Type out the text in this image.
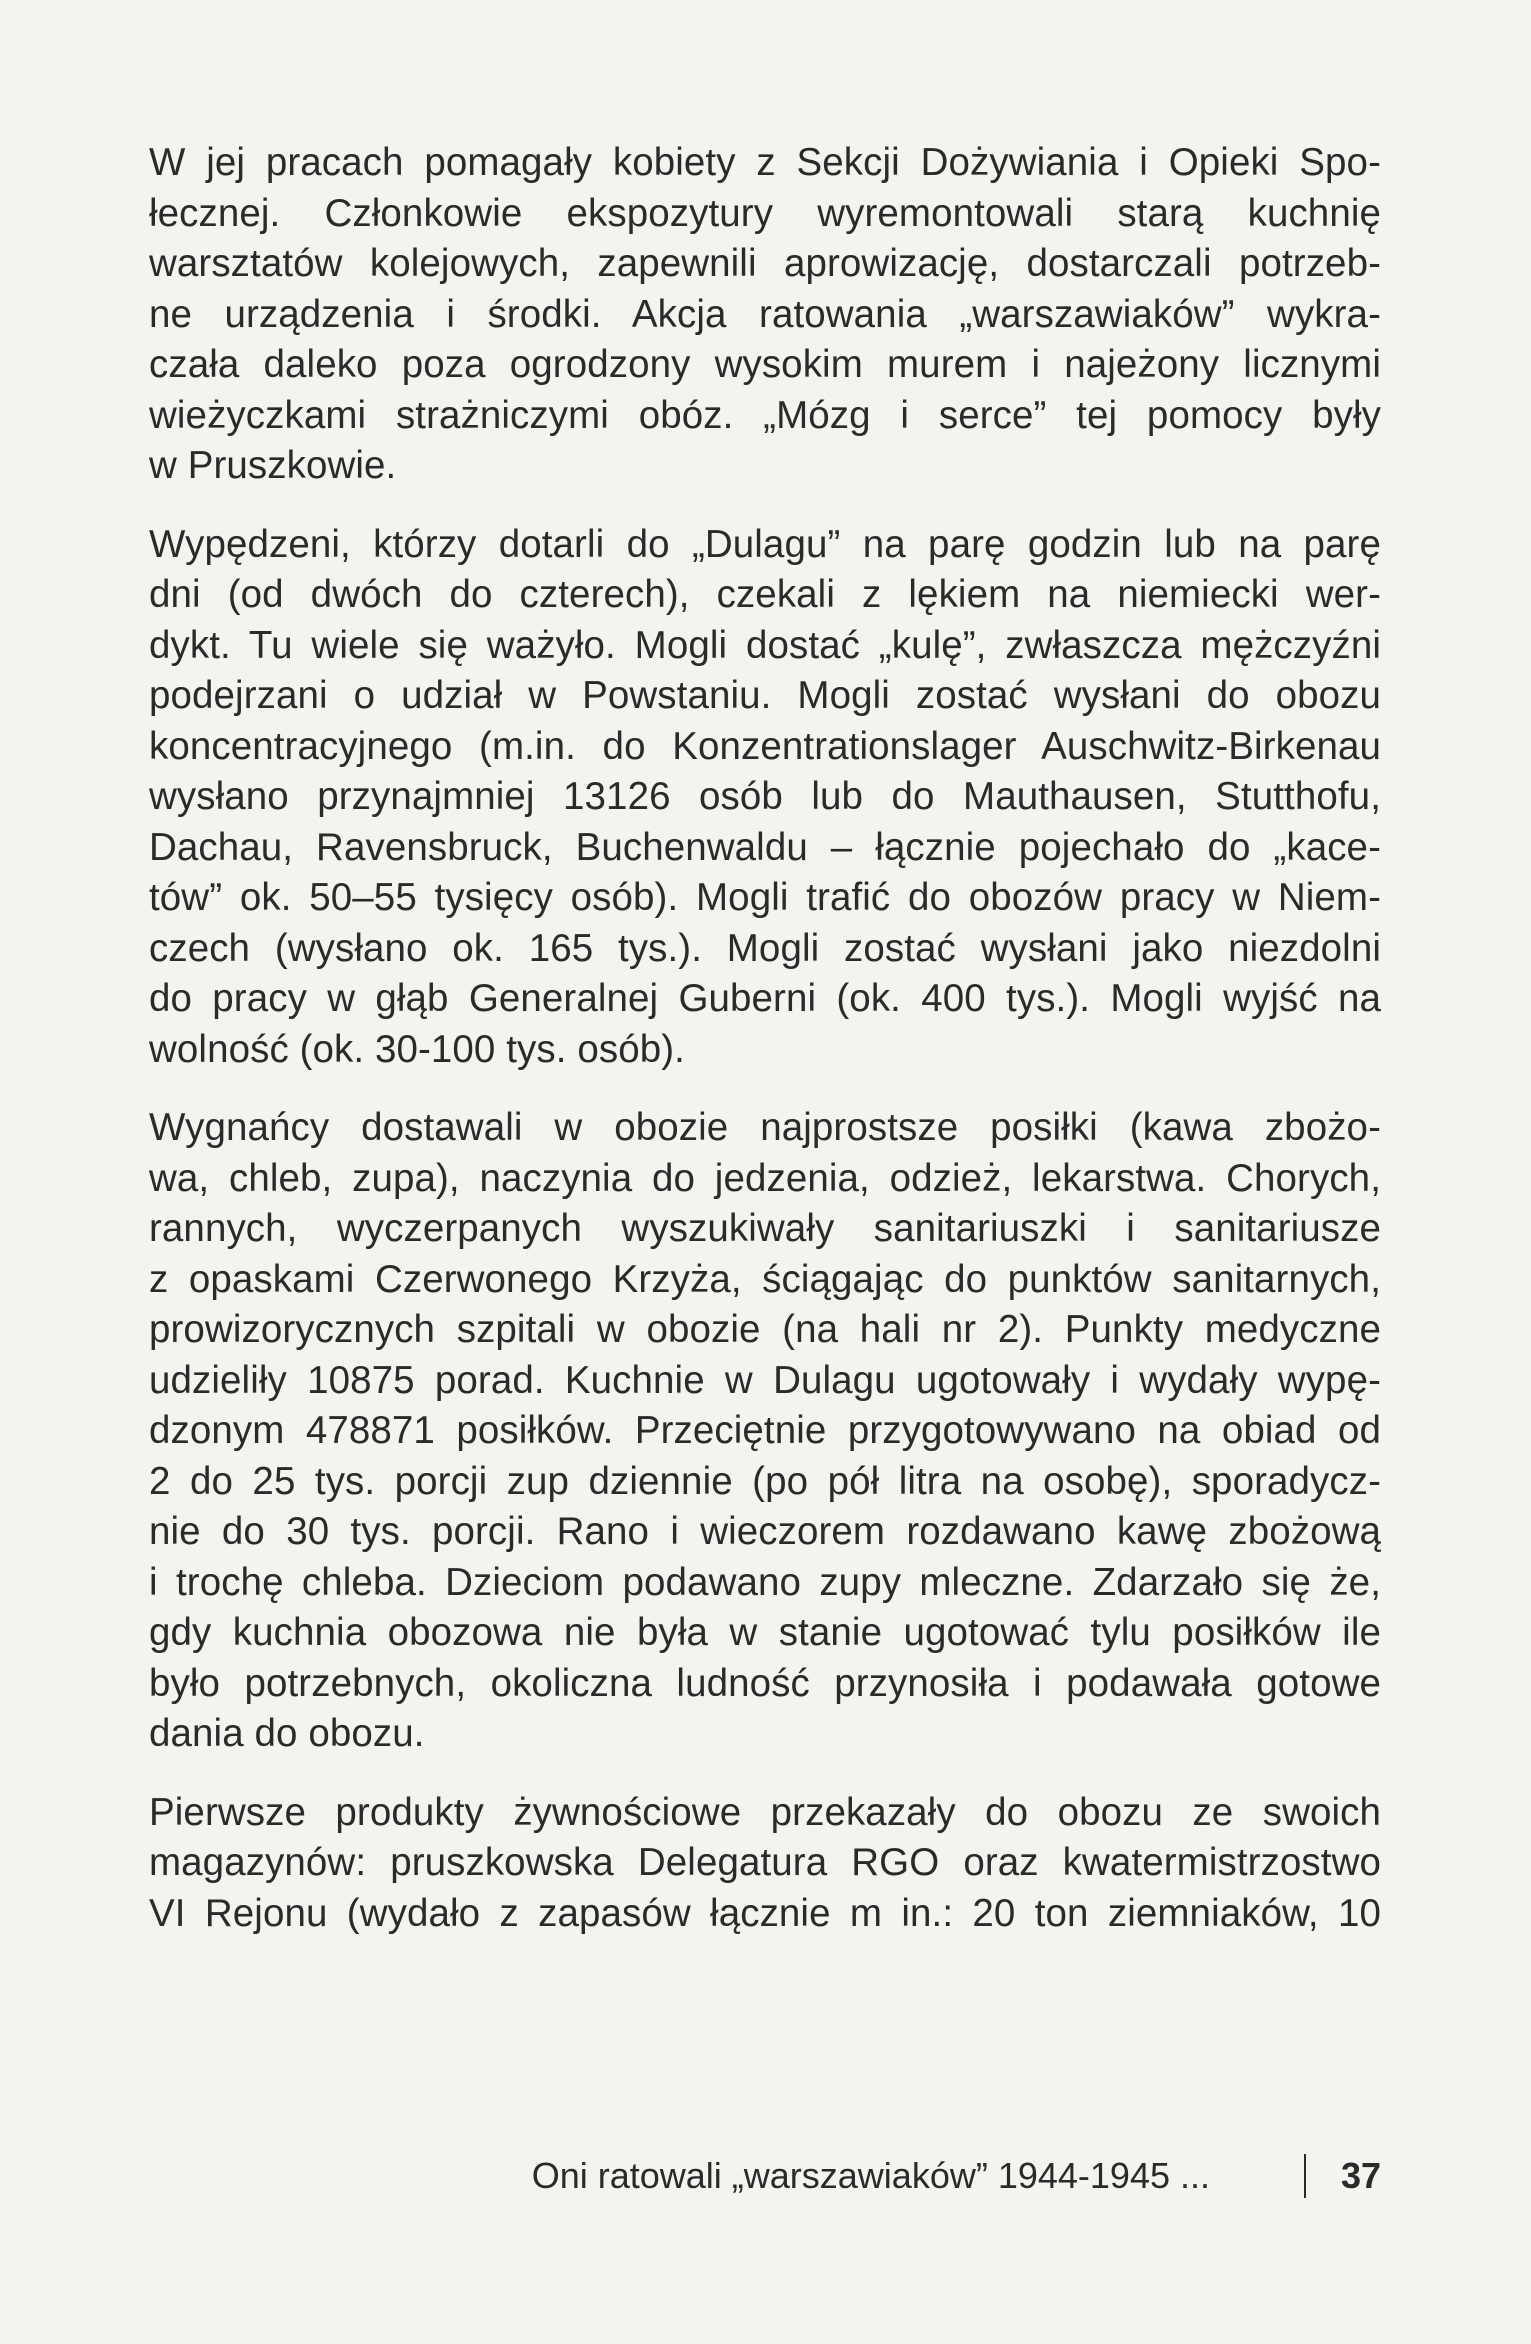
W jej pracach pomagały kobiety z Sekcji Dożywiania i Opieki Spo-
łecznej. Członkowie ekspozytury wyremontowali starą kuchnię
warsztatów kolejowych, zapewnili aprowizację, dostarczali potrzeb-
ne urządzenia i środki. Akcja ratowania „warszawiaków” wykra-
czała daleko poza ogrodzony wysokim murem i najeżony licznymi
wieżyczkami strażniczymi obóz. „Mózg i serce” tej pomocy były
w Pruszkowie.
Wypędzeni, którzy dotarli do „Dulagu” na parę godzin lub na parę
dni (od dwóch do czterech), czekali z lękiem na niemiecki wer-
dykt. Tu wiele się ważyło. Mogli dostać „kulę”, zwłaszcza mężczyźni
podejrzani o udział w Powstaniu. Mogli zostać wysłani do obozu
koncentracyjnego (m.in. do Konzentrationslager Auschwitz-Birkenau
wysłano przynajmniej 13126 osób lub do Mauthausen, Stutthofu,
Dachau, Ravensbruck, Buchenwaldu – łącznie pojechało do „kace-
tów” ok. 50–55 tysięcy osób). Mogli trafić do obozów pracy w Niem-
czech (wysłano ok. 165 tys.). Mogli zostać wysłani jako niezdolni
do pracy w głąb Generalnej Guberni (ok. 400 tys.). Mogli wyjść na
wolność (ok. 30-100 tys. osób).
Wygnańcy dostawali w obozie najprostsze posiłki (kawa zbożo-
wa, chleb, zupa), naczynia do jedzenia, odzież, lekarstwa. Chorych,
rannych, wyczerpanych wyszukiwały sanitariuszki i sanitariusze
z opaskami Czerwonego Krzyża, ściągając do punktów sanitarnych,
prowizorycznych szpitali w obozie (na hali nr 2). Punkty medyczne
udzieliły 10875 porad. Kuchnie w Dulagu ugotowały i wydały wypę-
dzonym 478871 posiłków. Przeciętnie przygotowywano na obiad od
2 do 25 tys. porcji zup dziennie (po pół litra na osobę), sporadycz-
nie do 30 tys. porcji. Rano i wieczorem rozdawano kawę zbożową
i trochę chleba. Dzieciom podawano zupy mleczne. Zdarzało się że,
gdy kuchnia obozowa nie była w stanie ugotować tylu posiłków ile
było potrzebnych, okoliczna ludność przynosiła i podawała gotowe
dania do obozu.
Pierwsze produkty żywnościowe przekazały do obozu ze swoich
magazynów: pruszkowska Delegatura RGO oraz kwatermistrzostwo
VI Rejonu (wydało z zapasów łącznie m in.: 20 ton ziemniaków, 10
Oni ratowali „warszawiaków” 1944-1945 ...	37
